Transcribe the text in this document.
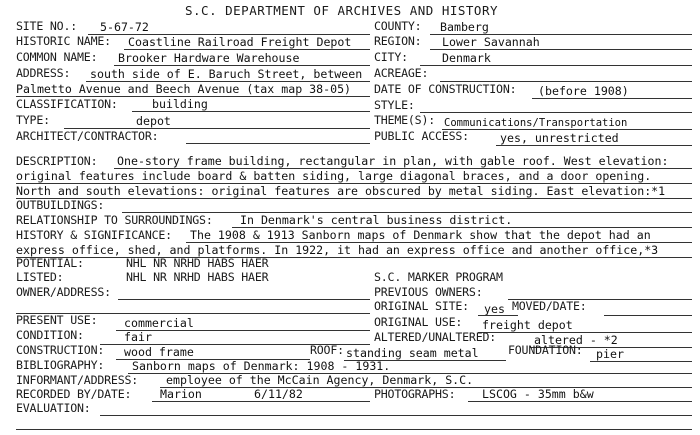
S.C. DEPARTMENT OF ARCHIVES AND HISTORY
SITE NO.: 5-67-72	COUNTY: Bamberg
HISTORIC NAME: Coastline Railroad Freight Depot REGION: Lower Savannah
COMMON NAME: Brooker Hardware Warehouse	CITY:	Denmark
ADDRESS: south side of E. Baruch Street, between ACREAGE:
Palmetto Avenue and Beech Avenue (tax map 38-05) DATE OF CONSTRUCTION: (before 1908)
CLASSIFICATION:	building	STYLE:
TYPE:	depot	THEME(S): Communications/Transportation
ARCHITECT/CONTRACTOR:	PUBLIC ACCESS:	yes, unrestricted
DESCRIPTION: One-story frame building, rectangular in plan, with gable roof. West elevation:
original features include board & batten siding, large diagonal braces, and a door opening.
North and south elevations: original features are obscured by metal siding. East elevation:*1
OUTBUILDINGS:
RELATIONSHIP TO SURROUNDINGS: In Denmark's central business district.
HISTORY & SIGNIFICANCE: The 1908 & 1913 Sanborn maps of Denmark show that the depot had an
express office, shed, and platforms. In 1922, it had an express office and another office,*3
POTENTIAL:	NHL NR NRHD HABS HAER
LISTED:	NHL NR NRHD HABS HAER	S.C. MARKER PROGRAM
OWNER/ADDRESS:	PREVIOUS OWNERS:
ORIGINAL SITE: yes MOVED/DATE:
PRESENT USE: commercial	ORIGINAL USE: freight depot
CONDITION:	fair	ALTERED/UNALTERED:	altered - *2
CONSTRUCTION: wood frame	ROOF: standing seam metal	FOUNDATION: pier
BIBLIOGRAPHY: Sanborn maps of Denmark: 1908 - 1931.
INFORMANT/ADDRESS: employee of the McCain Agency, Denmark, S.C.
RECORDED BY/DATE: Marion	6/11/82	PHOTOGRAPHS: LSCOG - 35mm b&w
EVALUATION:
